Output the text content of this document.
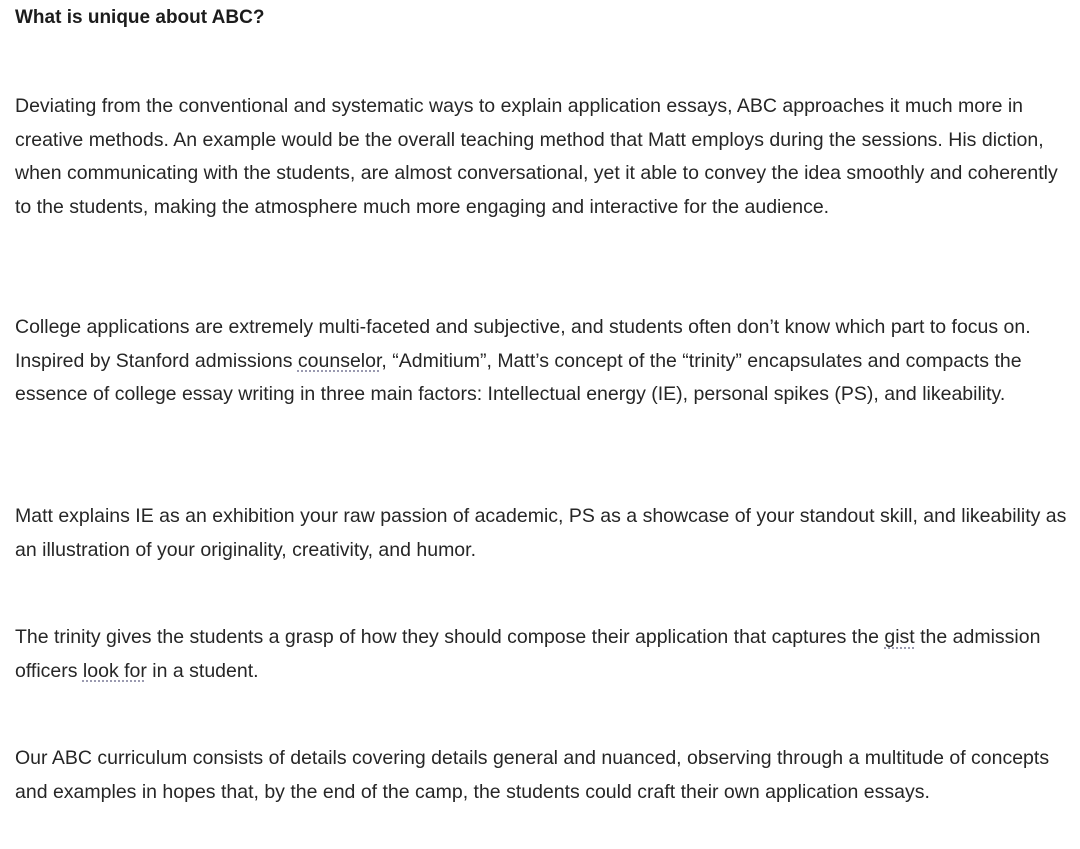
What is unique about ABC?

Deviating from the conventional and systematic ways to explain application essays, ABC approaches it much more in creative methods. An example would be the overall teaching method that Matt employs during the sessions. His diction, when communicating with the students, are almost conversational, yet it able to convey the idea smoothly and coherently to the students, making the atmosphere much more engaging and interactive for the audience.

College applications are extremely multi-faceted and subjective, and students often don’t know which part to focus on. Inspired by Stanford admissions counselor, “Admitium”, Matt’s concept of the “trinity” encapsulates and compacts the essence of college essay writing in three main factors: Intellectual energy (IE), personal spikes (PS), and likeability.

Matt explains IE as an exhibition your raw passion of academic, PS as a showcase of your standout skill, and likeability as an illustration of your originality, creativity, and humor.

The trinity gives the students a grasp of how they should compose their application that captures the gist the admission officers look for in a student.

Our ABC curriculum consists of details covering details general and nuanced, observing through a multitude of concepts and examples in hopes that, by the end of the camp, the students could craft their own application essays.
